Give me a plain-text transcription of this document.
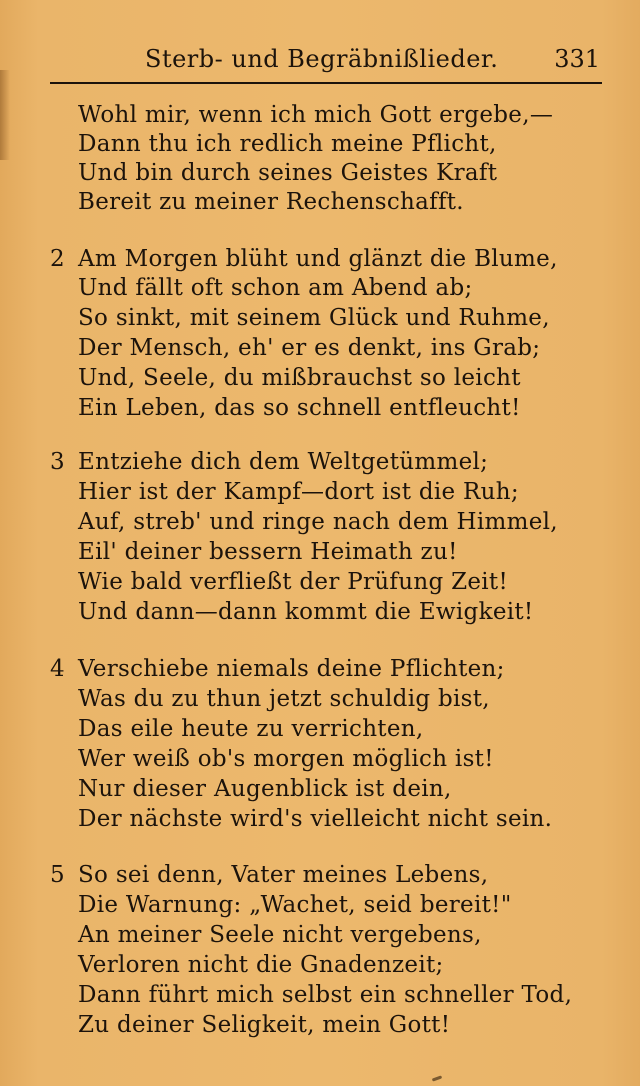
Sterb- und Begräbnißlieder. 331
Wohl mir, wenn ich mich Gott ergebe,—
Dann thu ich redlich meine Pflicht,
Und bin durch seines Geistes Kraft
Bereit zu meiner Rechenschafft.
2 Am Morgen blüht und glänzt die Blume,
Und fällt oft schon am Abend ab;
So sinkt, mit seinem Glück und Ruhme,
Der Mensch, eh' er es denkt, ins Grab;
Und, Seele, du mißbrauchst so leicht
Ein Leben, das so schnell entfleucht!
3 Entziehe dich dem Weltgetümmel;
Hier ist der Kampf—dort ist die Ruh;
Auf, streb' und ringe nach dem Himmel,
Eil' deiner bessern Heimath zu!
Wie bald verfließt der Prüfung Zeit!
Und dann—dann kommt die Ewigkeit!
4 Verschiebe niemals deine Pflichten;
Was du zu thun jetzt schuldig bist,
Das eile heute zu verrichten,
Wer weiß ob's morgen möglich ist!
Nur dieser Augenblick ist dein,
Der nächste wird's vielleicht nicht sein.
5 So sei denn, Vater meines Lebens,
Die Warnung: „Wachet, seid bereit!"
An meiner Seele nicht vergebens,
Verloren nicht die Gnadenzeit;
Dann führt mich selbst ein schneller Tod,
Zu deiner Seligkeit, mein Gott!
